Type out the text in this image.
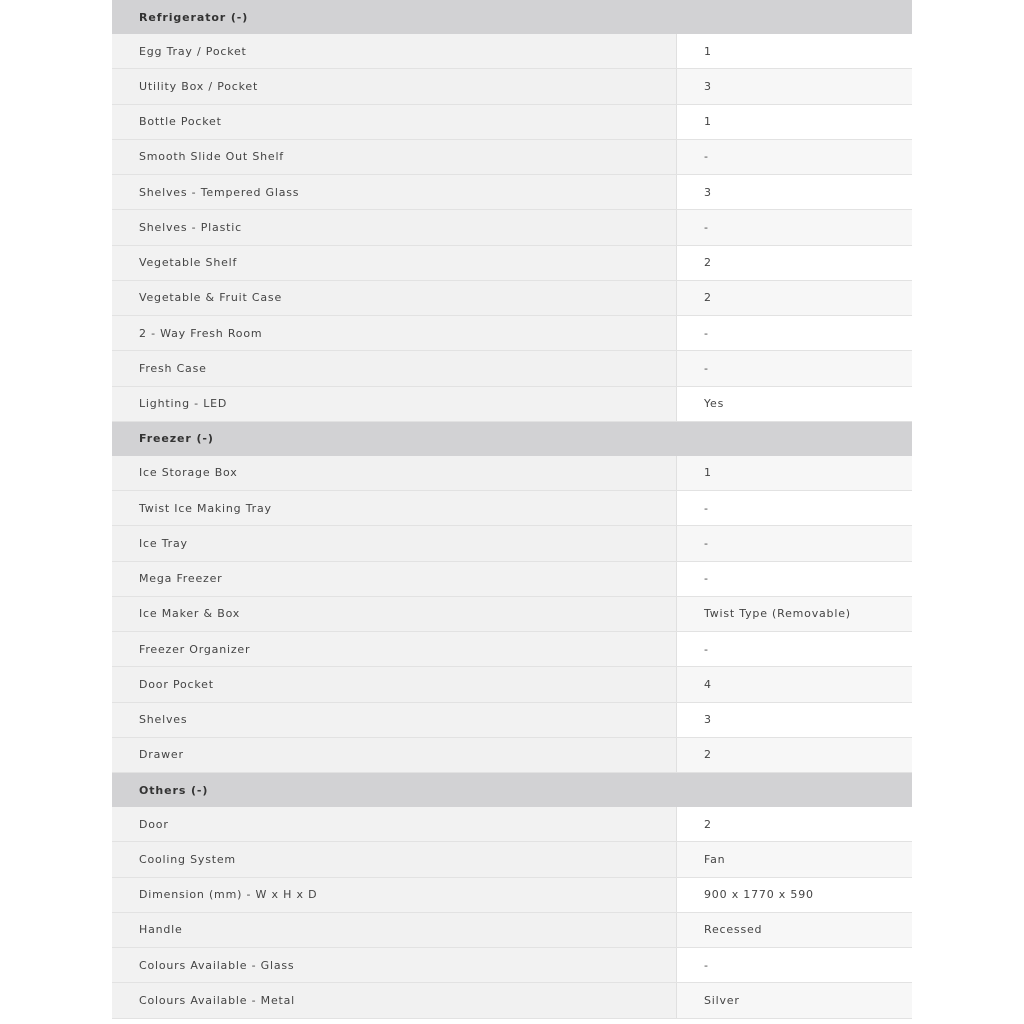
Refrigerator (-)
Egg Tray / Pocket	1
Utility Box / Pocket	3
Bottle Pocket	1
Smooth Slide Out Shelf	-
Shelves - Tempered Glass	3
Shelves - Plastic	-
Vegetable Shelf	2
Vegetable & Fruit Case	2
2 - Way Fresh Room	-
Fresh Case	-
Lighting - LED	Yes
Freezer (-)
Ice Storage Box	1
Twist Ice Making Tray	-
Ice Tray	-
Mega Freezer	-
Ice Maker & Box	Twist Type (Removable)
Freezer Organizer	-
Door Pocket	4
Shelves	3
Drawer	2
Others (-)
Door	2
Cooling System	Fan
Dimension (mm) - W x H x D	900 x 1770 x 590
Handle	Recessed
Colours Available - Glass	-
Colours Available - Metal	Silver
